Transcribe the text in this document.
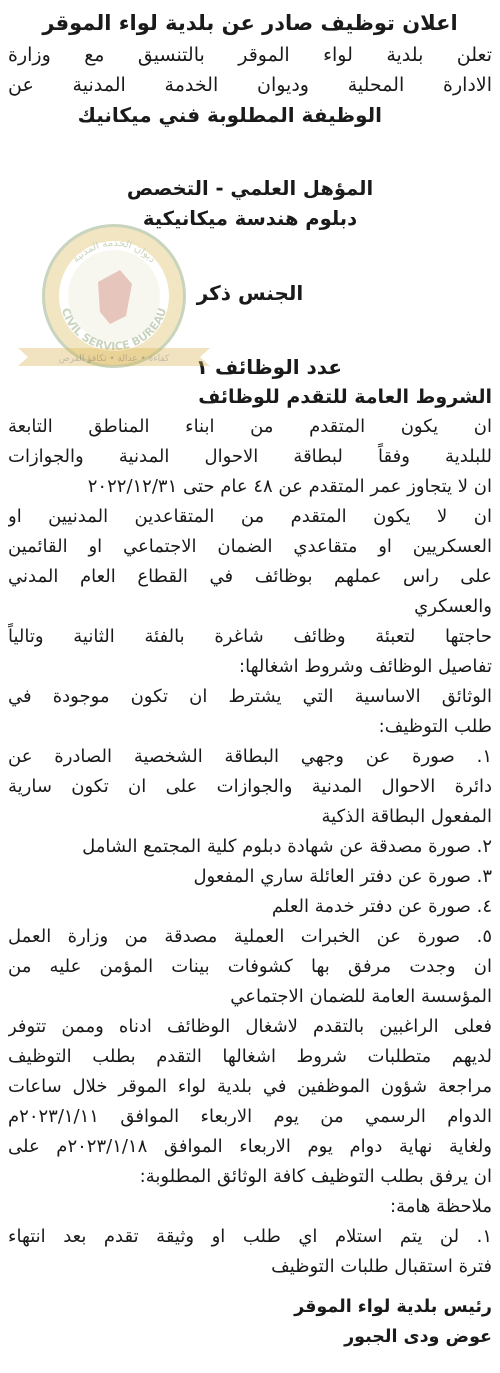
اعلان توظيف صادر عن بلدية لواء الموقر
تعلن بلدية لواء الموقر بالتنسيق مع وزارة
الادارة المحلية وديوان الخدمة المدنية عن
الوظيفة المطلوبة فني ميكانيك
المؤهل العلمي - التخصص
دبلوم هندسة ميكانيكية
الجنس ذكر
عدد الوظائف ١
الشروط العامة للتقدم للوظائف
ان يكون المتقدم من ابناء المناطق التابعة
للبلدية وفقاً لبطاقة الاحوال المدنية والجوازات
ان لا يتجاوز عمر المتقدم عن ٤٨ عام حتى ٢٠٢٢/١٢/٣١
ان لا يكون المتقدم من المتقاعدين المدنيين او
العسكريين او متقاعدي الضمان الاجتماعي او القائمين
على راس عملهم بوظائف في القطاع العام المدني
والعسكري
حاجتها لتعبئة وظائف شاغرة بالفئة الثانية وتالياً
تفاصيل الوظائف وشروط اشغالها:
الوثائق الاساسية التي يشترط ان تكون موجودة في
طلب التوظيف:
١. صورة عن وجهي البطاقة الشخصية الصادرة عن
دائرة الاحوال المدنية والجوازات على ان تكون سارية
المفعول البطاقة الذكية
٢. صورة مصدقة عن شهادة دبلوم كلية المجتمع الشامل
٣. صورة عن دفتر العائلة ساري المفعول
٤. صورة عن دفتر خدمة العلم
٥. صورة عن الخبرات العملية مصدقة من وزارة العمل
ان وجدت مرفق بها كشوفات بينات المؤمن عليه من
المؤسسة العامة للضمان الاجتماعي
فعلى الراغبين بالتقدم لاشغال الوظائف ادناه وممن تتوفر
لديهم متطلبات شروط اشغالها التقدم بطلب التوظيف
مراجعة شؤون الموظفين في بلدية لواء الموقر خلال ساعات
الدوام الرسمي من يوم الاربعاء الموافق ٢٠٢٣/١/١١م
ولغاية نهاية دوام يوم الاربعاء الموافق ٢٠٢٣/١/١٨م على
ان يرفق بطلب التوظيف كافة الوثائق المطلوبة:
ملاحظة هامة:
١. لن يتم استلام اي طلب او وثيقة تقدم بعد انتهاء
فترة استقبال طلبات التوظيف
رئيس بلدية لواء الموقر
عوض ودى الجبور
CIVIL SERVICE BUREAU
ديوان الخدمة المدنية
كفاءة • عدالة • تكافؤ الفرص
